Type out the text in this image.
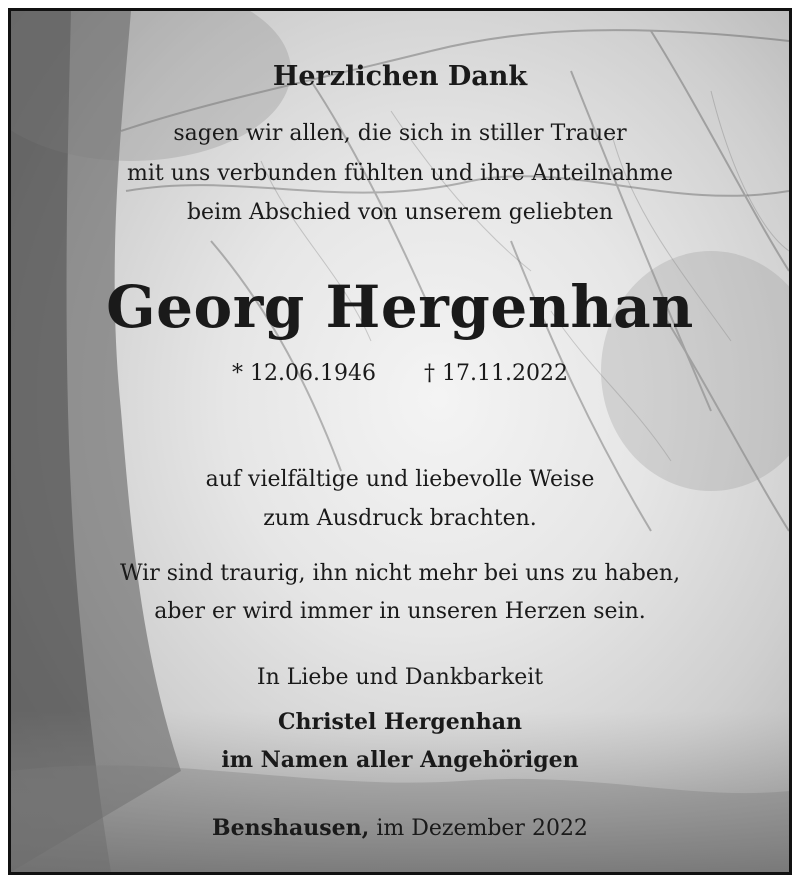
Herzlichen Dank
sagen wir allen, die sich in stiller Trauer
mit uns verbunden fühlten und ihre Anteilnahme
beim Abschied von unserem geliebten
Georg Hergenhan
* 12.06.1946 † 17.11.2022
auf vielfältige und liebevolle Weise
zum Ausdruck brachten.
Wir sind traurig, ihn nicht mehr bei uns zu haben,
aber er wird immer in unseren Herzen sein.
In Liebe und Dankbarkeit
Christel Hergenhan
im Namen aller Angehörigen
Benshausen, im Dezember 2022
